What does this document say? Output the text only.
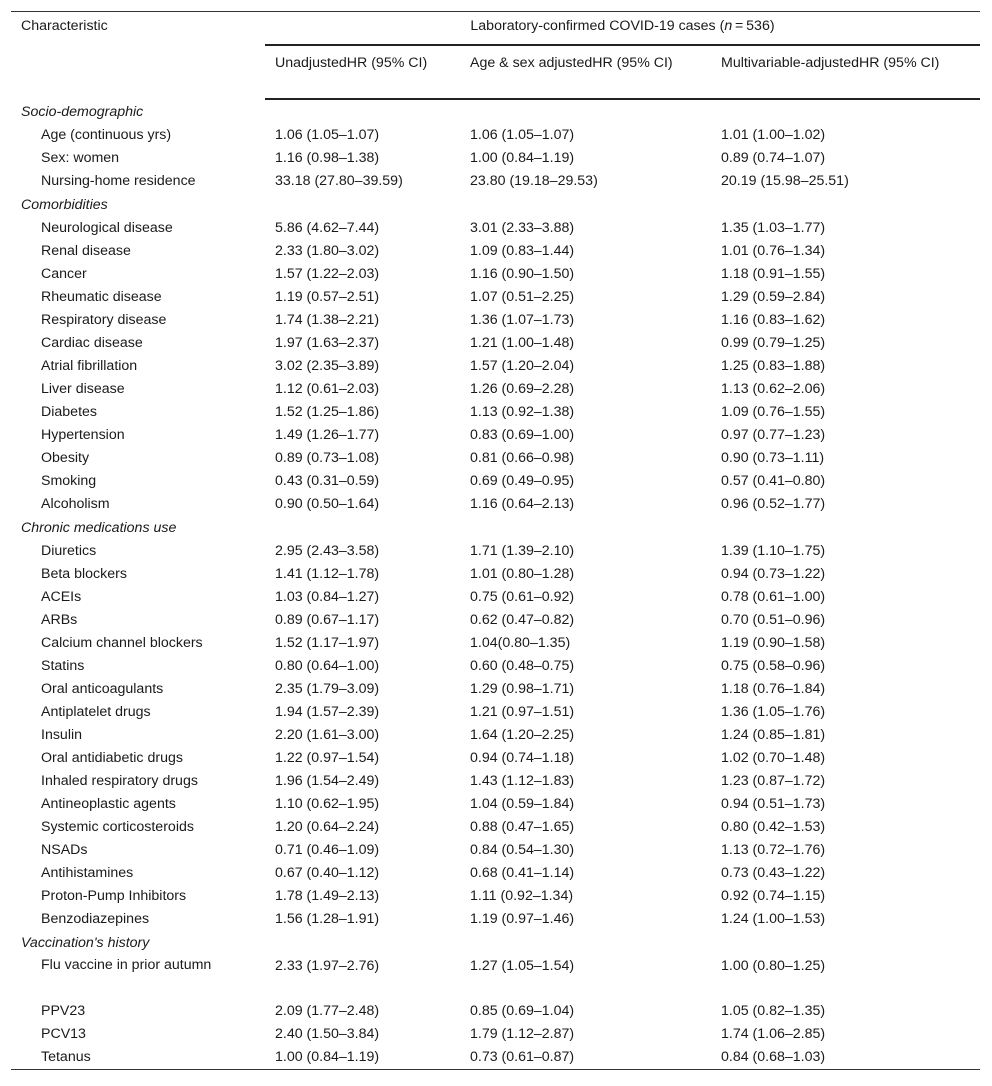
Characteristic	Laboratory-confirmed COVID-19 cases (n = 536)		
	UnadjustedHR (95% CI)	Age & sex adjustedHR (95% CI)	Multivariable-adjustedHR (95% CI)
Socio-demographic			
Age (continuous yrs)	1.06 (1.05–1.07)	1.06 (1.05–1.07)	1.01 (1.00–1.02)
Sex: women	1.16 (0.98–1.38)	1.00 (0.84–1.19)	0.89 (0.74–1.07)
Nursing-home residence	33.18 (27.80–39.59)	23.80 (19.18–29.53)	20.19 (15.98–25.51)
Comorbidities			
Neurological disease	5.86 (4.62–7.44)	3.01 (2.33–3.88)	1.35 (1.03–1.77)
Renal disease	2.33 (1.80–3.02)	1.09 (0.83–1.44)	1.01 (0.76–1.34)
Cancer	1.57 (1.22–2.03)	1.16 (0.90–1.50)	1.18 (0.91–1.55)
Rheumatic disease	1.19 (0.57–2.51)	1.07 (0.51–2.25)	1.29 (0.59–2.84)
Respiratory disease	1.74 (1.38–2.21)	1.36 (1.07–1.73)	1.16 (0.83–1.62)
Cardiac disease	1.97 (1.63–2.37)	1.21 (1.00–1.48)	0.99 (0.79–1.25)
Atrial fibrillation	3.02 (2.35–3.89)	1.57 (1.20–2.04)	1.25 (0.83–1.88)
Liver disease	1.12 (0.61–2.03)	1.26 (0.69–2.28)	1.13 (0.62–2.06)
Diabetes	1.52 (1.25–1.86)	1.13 (0.92–1.38)	1.09 (0.76–1.55)
Hypertension	1.49 (1.26–1.77)	0.83 (0.69–1.00)	0.97 (0.77–1.23)
Obesity	0.89 (0.73–1.08)	0.81 (0.66–0.98)	0.90 (0.73–1.11)
Smoking	0.43 (0.31–0.59)	0.69 (0.49–0.95)	0.57 (0.41–0.80)
Alcoholism	0.90 (0.50–1.64)	1.16 (0.64–2.13)	0.96 (0.52–1.77)
Chronic medications use			
Diuretics	2.95 (2.43–3.58)	1.71 (1.39–2.10)	1.39 (1.10–1.75)
Beta blockers	1.41 (1.12–1.78)	1.01 (0.80–1.28)	0.94 (0.73–1.22)
ACEIs	1.03 (0.84–1.27)	0.75 (0.61–0.92)	0.78 (0.61–1.00)
ARBs	0.89 (0.67–1.17)	0.62 (0.47–0.82)	0.70 (0.51–0.96)
Calcium channel blockers	1.52 (1.17–1.97)	1.04(0.80–1.35)	1.19 (0.90–1.58)
Statins	0.80 (0.64–1.00)	0.60 (0.48–0.75)	0.75 (0.58–0.96)
Oral anticoagulants	2.35 (1.79–3.09)	1.29 (0.98–1.71)	1.18 (0.76–1.84)
Antiplatelet drugs	1.94 (1.57–2.39)	1.21 (0.97–1.51)	1.36 (1.05–1.76)
Insulin	2.20 (1.61–3.00)	1.64 (1.20–2.25)	1.24 (0.85–1.81)
Oral antidiabetic drugs	1.22 (0.97–1.54)	0.94 (0.74–1.18)	1.02 (0.70–1.48)
Inhaled respiratory drugs	1.96 (1.54–2.49)	1.43 (1.12–1.83)	1.23 (0.87–1.72)
Antineoplastic agents	1.10 (0.62–1.95)	1.04 (0.59–1.84)	0.94 (0.51–1.73)
Systemic corticosteroids	1.20 (0.64–2.24)	0.88 (0.47–1.65)	0.80 (0.42–1.53)
NSADs	0.71 (0.46–1.09)	0.84 (0.54–1.30)	1.13 (0.72–1.76)
Antihistamines	0.67 (0.40–1.12)	0.68 (0.41–1.14)	0.73 (0.43–1.22)
Proton-Pump Inhibitors	1.78 (1.49–2.13)	1.11 (0.92–1.34)	0.92 (0.74–1.15)
Benzodiazepines	1.56 (1.28–1.91)	1.19 (0.97–1.46)	1.24 (1.00–1.53)
Vaccination's history			
Flu vaccine in prior autumn	2.33 (1.97–2.76)	1.27 (1.05–1.54)	1.00 (0.80–1.25)
PPV23	2.09 (1.77–2.48)	0.85 (0.69–1.04)	1.05 (0.82–1.35)
PCV13	2.40 (1.50–3.84)	1.79 (1.12–2.87)	1.74 (1.06–2.85)
Tetanus	1.00 (0.84–1.19)	0.73 (0.61–0.87)	0.84 (0.68–1.03)
